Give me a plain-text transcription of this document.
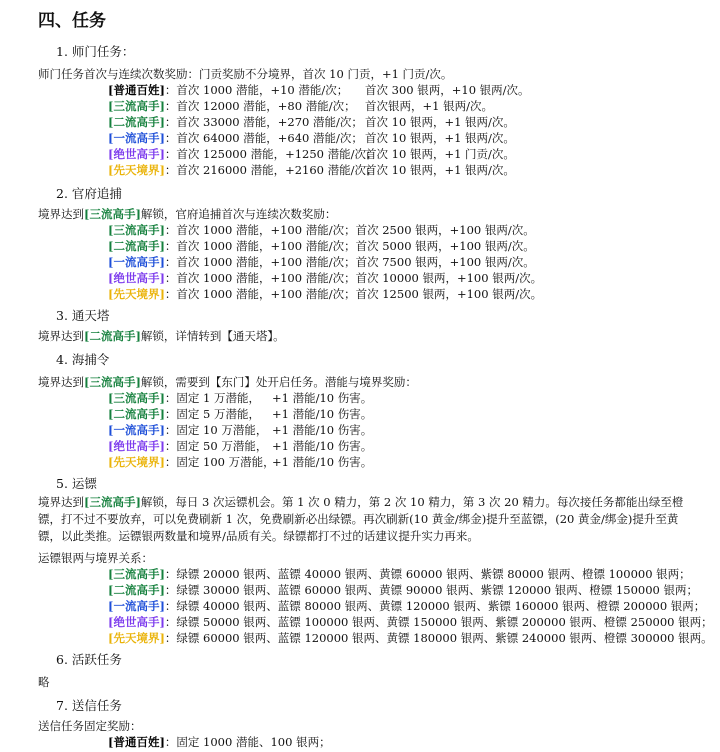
四、任务
1. 师门任务：
师门任务首次与连续次数奖励：门贡奖励不分境界，首次 10 门贡，+1 门贡/次。
[普通百姓]：首次 1000 潜能，+10 潜能/次； 首次 300 银两，+10 银两/次。
[三流高手]：首次 12000 潜能，+80 潜能/次； 首次银两，+1 银两/次。
[二流高手]：首次 33000 潜能，+270 潜能/次； 首次 10 银两，+1 银两/次。
[一流高手]：首次 64000 潜能，+640 潜能/次； 首次 10 银两，+1 银两/次。
[绝世高手]：首次 125000 潜能，+1250 潜能/次；
首次 10 银两，+1 门贡/次。
[先天境界]：首次 216000 潜能，+2160 潜能/次；
首次 10 银两，+1 银两/次。
2. 官府追捕
境界达到[三流高手]解锁，官府追捕首次与连续次数奖励：
[三流高手]：首次 1000 潜能，+100 潜能/次；首次 2500 银两，+100 银两/次。
[二流高手]：首次 1000 潜能，+100 潜能/次；首次 5000 银两，+100 银两/次。
[一流高手]：首次 1000 潜能，+100 潜能/次；首次 7500 银两，+100 银两/次。
[绝世高手]：首次 1000 潜能，+100 潜能/次；首次 10000 银两，+100 银两/次。
[先天境界]：首次 1000 潜能，+100 潜能/次；首次 12500 银两，+100 银两/次。
3. 通天塔
境界达到[二流高手]解锁，详情转到【通天塔】。
4. 海捕令
境界达到[三流高手]解锁，需要到【东门】处开启任务。潜能与境界奖励：
[三流高手]：固定 1 万潜能， +1 潜能/10 伤害。
[二流高手]：固定 5 万潜能， +1 潜能/10 伤害。
[一流高手]：固定 10 万潜能， +1 潜能/10 伤害。
[绝世高手]：固定 50 万潜能， +1 潜能/10 伤害。
[先天境界]：固定 100 万潜能，
+1 潜能/10 伤害。
5. 运镖
境界达到[三流高手]解锁，每日 3 次运镖机会。第 1 次 0 精力，第 2 次 10 精力，第 3 次 20 精力。每次接任务都能出绿至橙镖，打不过不要放弃，可以免费刷新 1 次，免费刷新必出绿镖。再次刷新(10 黄金/绑金)提升至蓝镖，(20 黄金/绑金)提升至黄镖，以此类推。运镖银两数量和境界/品质有关。绿镖都打不过的话建议提升实力再来。
运镖银两与境界关系：
[三流高手]：绿镖 20000 银两、蓝镖 40000 银两、黄镖 60000 银两、紫镖 80000 银两、橙镖 100000 银两；
[二流高手]：绿镖 30000 银两、蓝镖 60000 银两、黄镖 90000 银两、紫镖 120000 银两、橙镖 150000 银两；
[一流高手]：绿镖 40000 银两、蓝镖 80000 银两、黄镖 120000 银两、紫镖 160000 银两、橙镖 200000 银两；
[绝世高手]：绿镖 50000 银两、蓝镖 100000 银两、黄镖 150000 银两、紫镖 200000 银两、橙镖 250000 银两；
[先天境界]：绿镖 60000 银两、蓝镖 120000 银两、黄镖 180000 银两、紫镖 240000 银两、橙镖 300000 银两。
6. 活跃任务
略
7. 送信任务
送信任务固定奖励：
[普通百姓]：固定 1000 潜能、100 银两；
